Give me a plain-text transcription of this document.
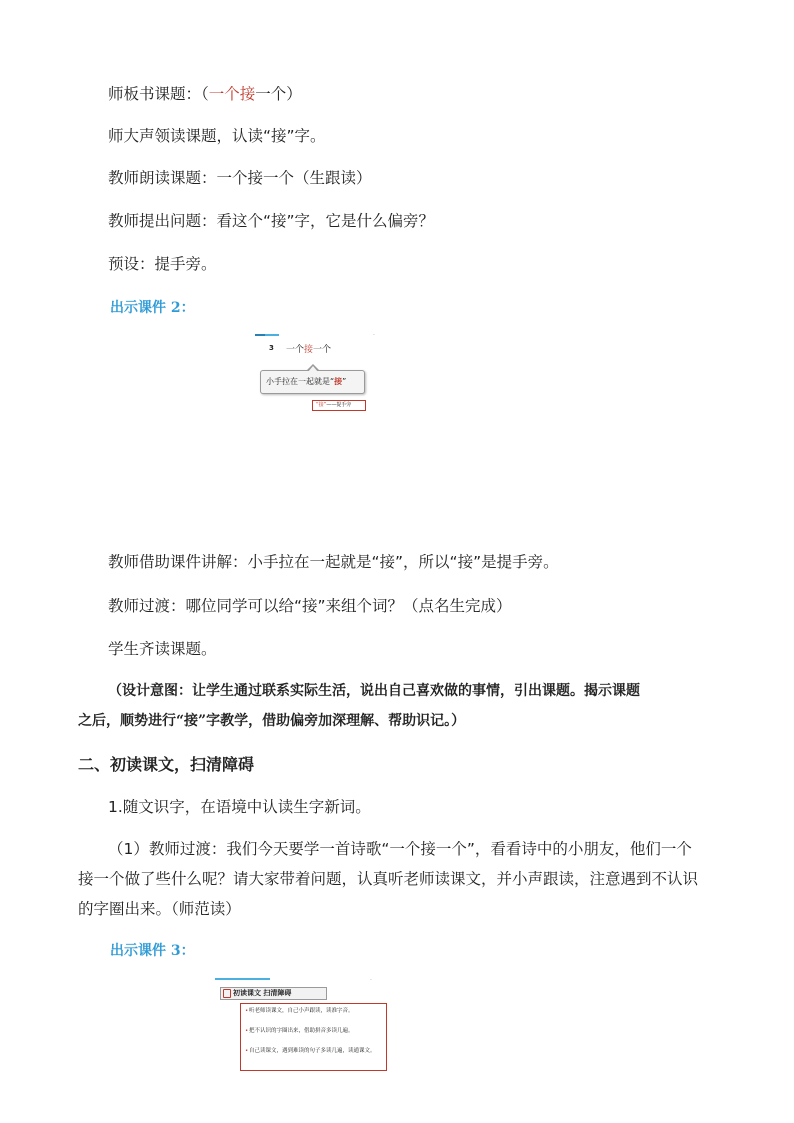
师板书课题：（一个接一个）
师大声领读课题，认读“接”字。
教师朗读课题：一个接一个（生跟读）
教师提出问题：看这个“接”字，它是什么偏旁？
预设：提手旁。
出示课件 2：
·
3 一个接一个
小手拉在一起就是“接”
“接”——提手旁
教师借助课件讲解：小手拉在一起就是“接”，所以“接”是提手旁。
教师过渡：哪位同学可以给“接”来组个词？（点名生完成）
学生齐读课题。
（设计意图：让学生通过联系实际生活，说出自己喜欢做的事情，引出课题。揭示课题
之后，顺势进行“接”字教学，借助偏旁加深理解、帮助识记。）
二、初读课文，扫清障碍
1.随文识字，在语境中认读生字新词。
（1）教师过渡：我们今天要学一首诗歌“一个接一个”，看看诗中的小朋友，他们一个
接一个做了些什么呢？请大家带着问题，认真听老师读课文，并小声跟读，注意遇到不认识
的字圈出来。（师范读）
出示课件 3：
·
初读课文 扫清障碍
• 听老师读课文，自己小声跟读，读准字音。
• 把不认识的字圈出来，借助拼音多读几遍。
• 自己读课文，遇到难读的句子多读几遍，读通课文。
